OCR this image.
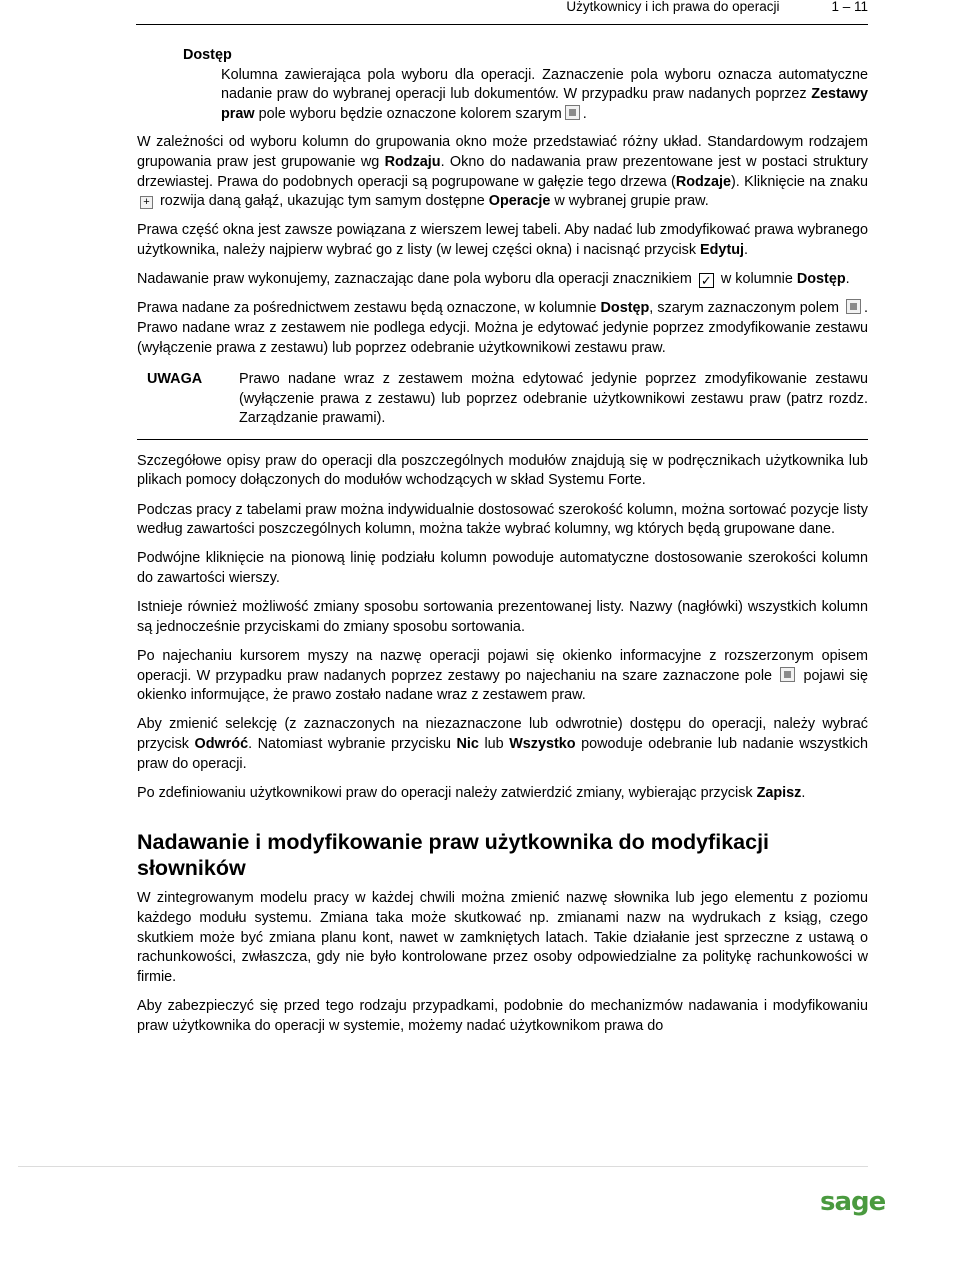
Użytkownicy i ich prawa do operacji	1 – 11
Dostęp

Kolumna zawierająca pola wyboru dla operacji. Zaznaczenie pola wyboru oznacza automatyczne nadanie praw do wybranej operacji lub dokumentów. W przypadku praw nadanych poprzez Zestawy praw pole wyboru będzie oznaczone kolorem szarym .

W zależności od wyboru kolumn do grupowania okno może przedstawiać różny układ. Standardowym rodzajem grupowania praw jest grupowanie wg Rodzaju. Okno do nadawania praw prezentowane jest w postaci struktury drzewiastej. Prawa do podobnych operacji są pogrupowane w gałęzie tego drzewa (Rodzaje). Kliknięcie na znaku + rozwija daną gałąź, ukazując tym samym dostępne Operacje w wybranej grupie praw.

Prawa część okna jest zawsze powiązana z wierszem lewej tabeli. Aby nadać lub zmodyfikować prawa wybranego użytkownika, należy najpierw wybrać go z listy (w lewej części okna) i nacisnąć przycisk Edytuj.

Nadawanie praw wykonujemy, zaznaczając dane pola wyboru dla operacji znacznikiem ✓ w kolumnie Dostęp.

Prawa nadane za pośrednictwem zestawu będą oznaczone, w kolumnie Dostęp, szarym zaznaczonym polem . Prawo nadane wraz z zestawem nie podlega edycji. Można je edytować jedynie poprzez zmodyfikowanie zestawu (wyłączenie prawa z zestawu) lub poprzez odebranie użytkownikowi zestawu praw.

UWAGA	Prawo nadane wraz z zestawem można edytować jedynie poprzez zmodyfikowanie zestawu (wyłączenie prawa z zestawu) lub poprzez odebranie użytkownikowi zestawu praw (patrz rozdz. Zarządzanie prawami).

Szczegółowe opisy praw do operacji dla poszczególnych modułów znajdują się w podręcznikach użytkownika lub plikach pomocy dołączonych do modułów wchodzących w skład Systemu Forte.

Podczas pracy z tabelami praw można indywidualnie dostosować szerokość kolumn, można sortować pozycje listy według zawartości poszczególnych kolumn, można także wybrać kolumny, wg których będą grupowane dane.

Podwójne kliknięcie na pionową linię podziału kolumn powoduje automatyczne dostosowanie szerokości kolumn do zawartości wierszy.

Istnieje również możliwość zmiany sposobu sortowania prezentowanej listy. Nazwy (nagłówki) wszystkich kolumn są jednocześnie przyciskami do zmiany sposobu sortowania.

Po najechaniu kursorem myszy na nazwę operacji pojawi się okienko informacyjne z rozszerzonym opisem operacji. W przypadku praw nadanych poprzez zestawy po najechaniu na szare zaznaczone pole  pojawi się okienko informujące, że prawo zostało nadane wraz z zestawem praw.

Aby zmienić selekcję (z zaznaczonych na niezaznaczone lub odwrotnie) dostępu do operacji, należy wybrać przycisk Odwróć. Natomiast wybranie przycisku Nic lub Wszystko powoduje odebranie lub nadanie wszystkich praw do operacji.

Po zdefiniowaniu użytkownikowi praw do operacji należy zatwierdzić zmiany, wybierając przycisk Zapisz.

Nadawanie i modyfikowanie praw użytkownika do modyfikacji słowników

W zintegrowanym modelu pracy w każdej chwili można zmienić nazwę słownika lub jego elementu z poziomu każdego modułu systemu. Zmiana taka może skutkować np. zmianami nazw na wydrukach z ksiąg, czego skutkiem może być zmiana planu kont, nawet w zamkniętych latach. Takie działanie jest sprzeczne z ustawą o rachunkowości, zwłaszcza, gdy nie było kontrolowane przez osoby odpowiedzialne za politykę rachunkowości w firmie.

Aby zabezpieczyć się przed tego rodzaju przypadkami, podobnie do mechanizmów nadawania i modyfikowaniu praw użytkownika do operacji w systemie, możemy nadać użytkownikom prawa do

sage
